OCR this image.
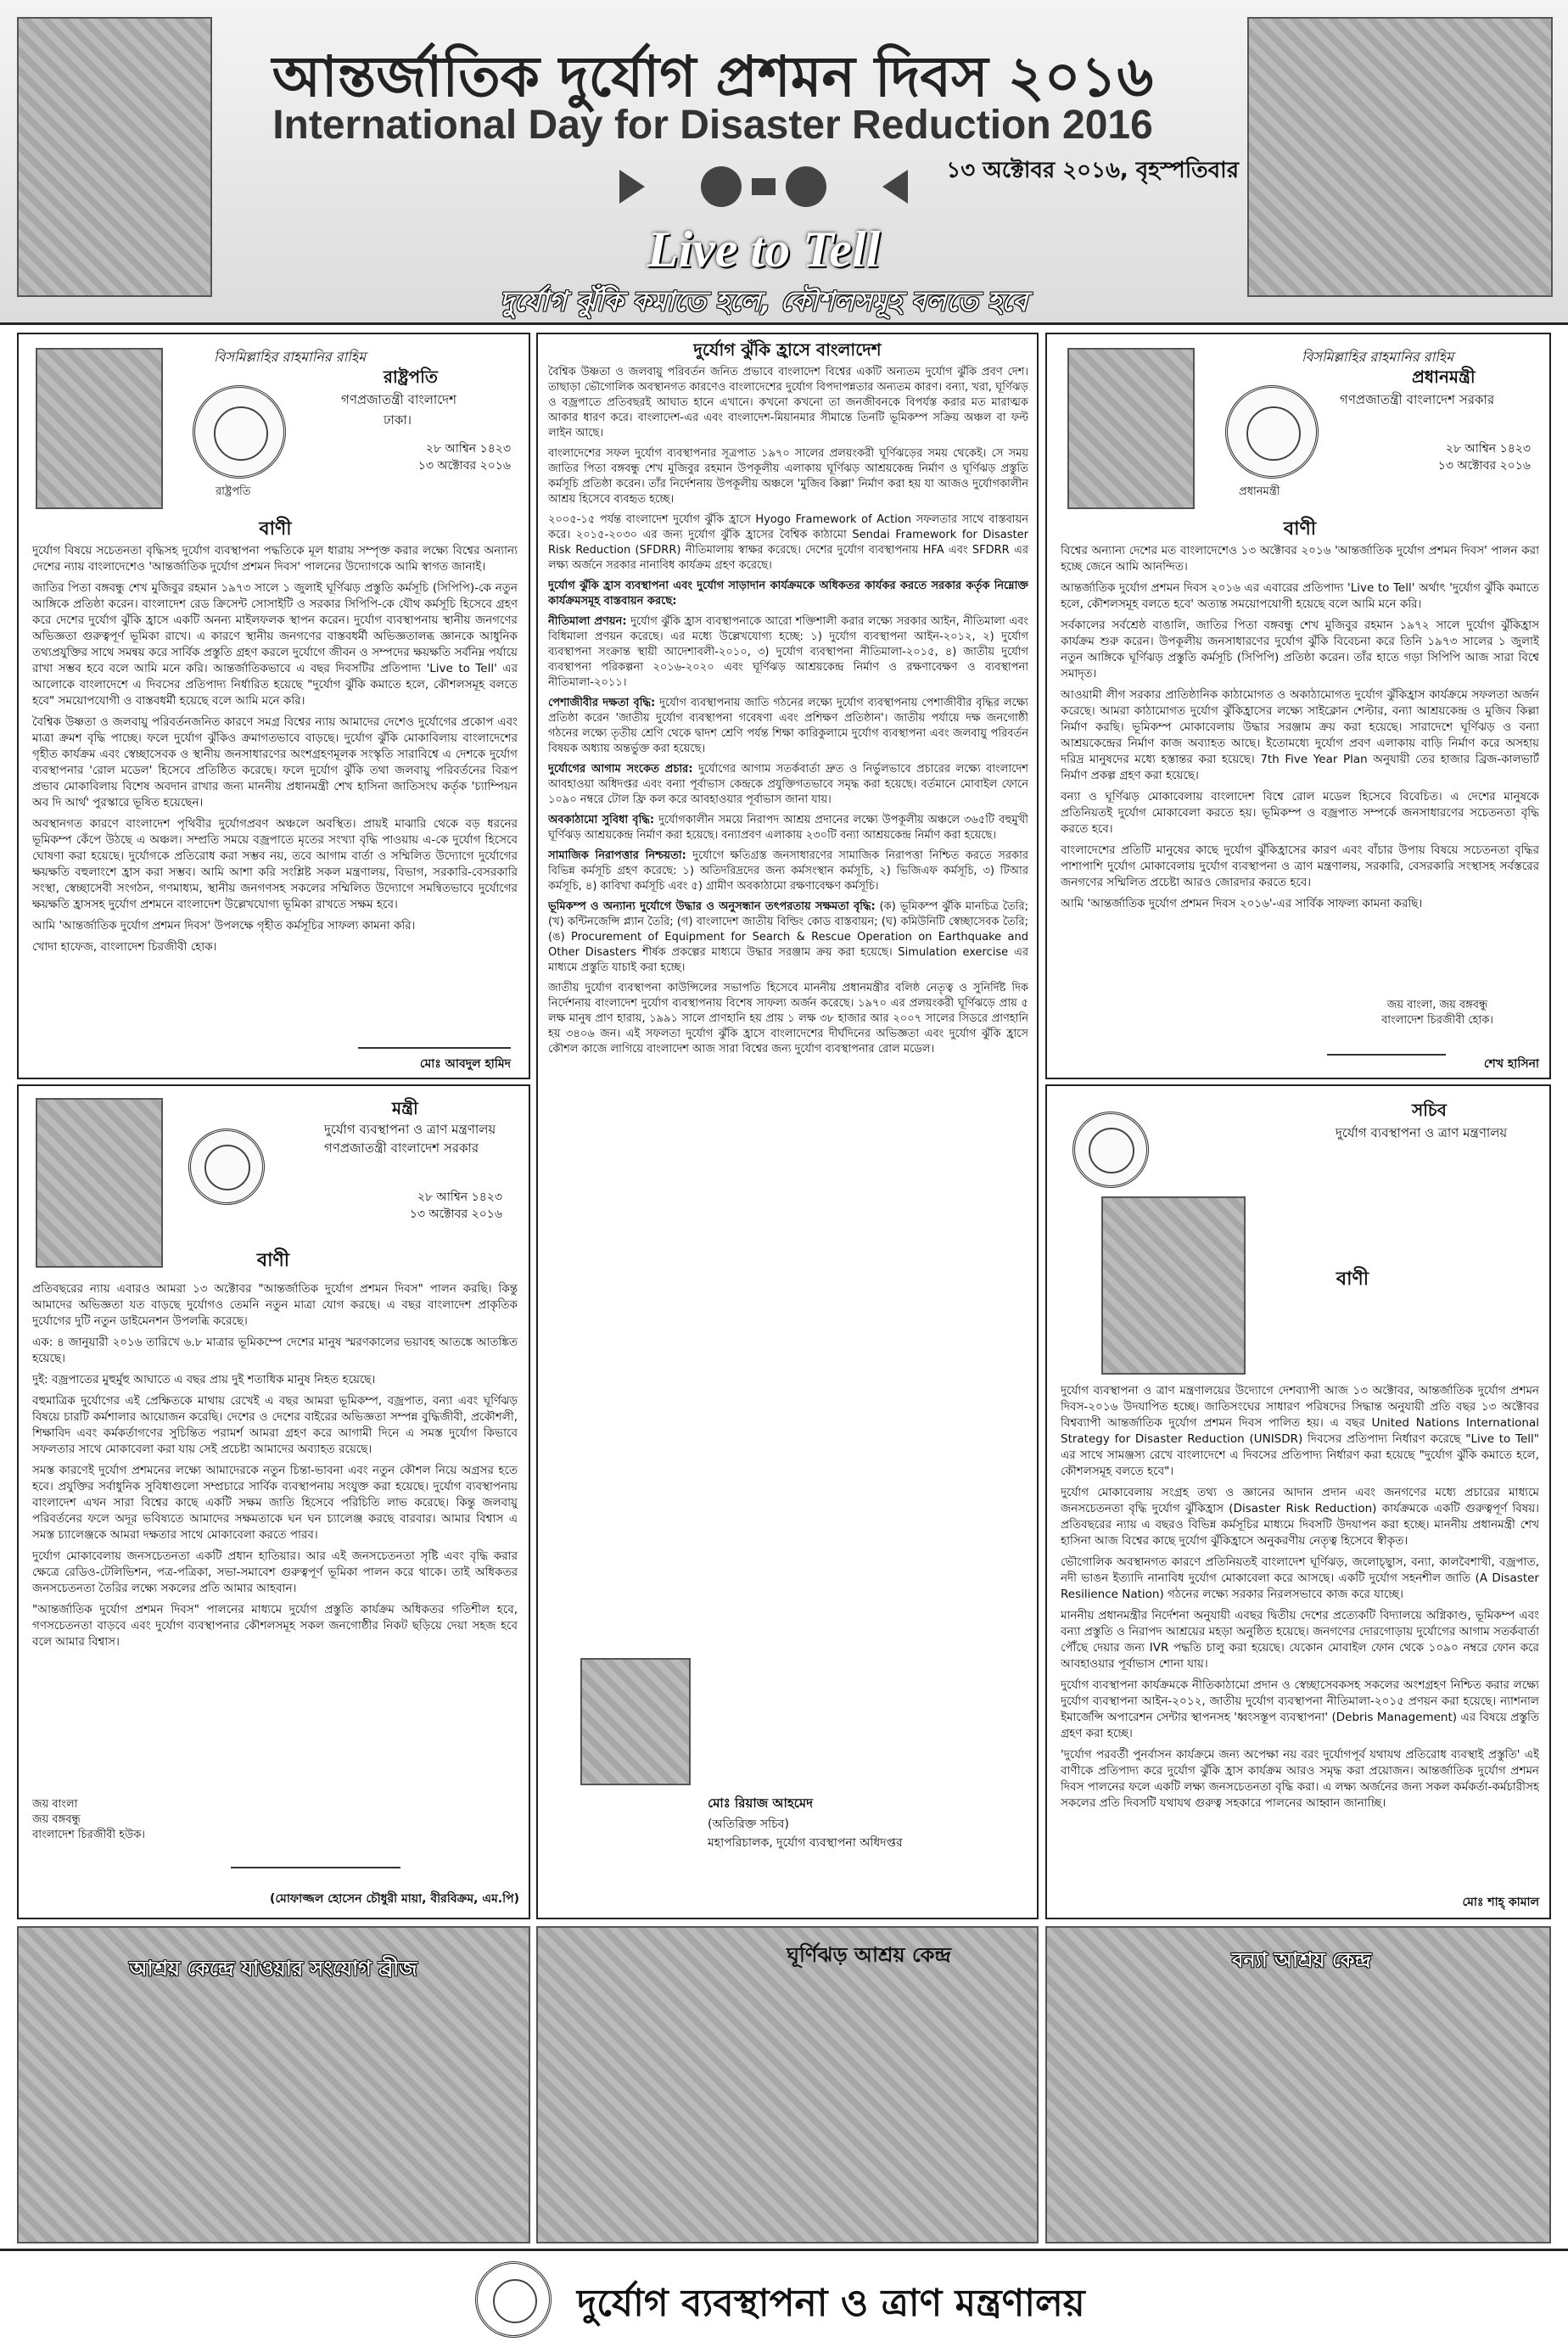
আন্তর্জাতিক দুর্যোগ প্রশমন দিবস ২০১৬
International Day for Disaster Reduction 2016
১৩ অক্টোবর ২০১৬, বৃহস্পতিবার
Live to Tell
দুর্যোগ ঝুঁকি কমাতে হলে, কৌশলসমূহ বলতে হবে
বিসমিল্লাহির রাহমানির রাহিম
রাষ্ট্রপতি
গণপ্রজাতন্ত্রী বাংলাদেশ
ঢাকা।
২৮ আশ্বিন ১৪২৩
১৩ অক্টোবর ২০১৬
রাষ্ট্রপতি
বাণী

দুর্যোগ বিষয়ে সচেতনতা বৃদ্ধিসহ দুর্যোগ ব্যবস্থাপনা পদ্ধতিকে মূল ধারায় সম্পৃক্ত করার লক্ষ্যে বিশ্বের অন্যান্য দেশের ন্যায় বাংলাদেশেও 'আন্তর্জাতিক দুর্যোগ প্রশমন দিবস' পালনের উদ্যোগকে আমি স্বাগত জানাই।

জাতির পিতা বঙ্গবন্ধু শেখ মুজিবুর রহমান ১৯৭৩ সালে ১ জুলাই ঘূর্ণিঝড় প্রস্তুতি কর্মসূচি (সিপিপি)-কে নতুন আঙ্গিকে প্রতিষ্ঠা করেন। বাংলাদেশ রেড ক্রিসেন্ট সোসাইটি ও সরকার সিপিপি-কে যৌথ কর্মসূচি হিসেবে গ্রহণ করে দেশের দুর্যোগ ঝুঁকি হ্রাসে একটি অনন্য মাইলফলক স্থাপন করেন। দুর্যোগ ব্যবস্থাপনায় স্থানীয় জনগণের অভিজ্ঞতা গুরুত্বপূর্ণ ভূমিকা রাখে। এ কারণে স্থানীয় জনগণের বাস্তবধর্মী অভিজ্ঞতালব্ধ জ্ঞানকে আধুনিক তথ্যপ্রযুক্তির সাথে সমন্বয় করে সার্বিক প্রস্তুতি গ্রহণ করলে দুর্যোগে জীবন ও সম্পদের ক্ষয়ক্ষতি সর্বনিম্ন পর্যায়ে রাখা সম্ভব হবে বলে আমি মনে করি। আন্তর্জাতিকভাবে এ বছর দিবসটির প্রতিপাদ্য 'Live to Tell' এর আলোকে বাংলাদেশে এ দিবসের প্রতিপাদ্য নির্ধারিত হয়েছে "দুর্যোগ ঝুঁকি কমাতে হলে, কৌশলসমূহ বলতে হবে" সময়োপযোগী ও বাস্তবধর্মী হয়েছে বলে আমি মনে করি।

বৈশ্বিক উষ্ণতা ও জলবায়ু পরিবর্তনজনিত কারণে সমগ্র বিশ্বের ন্যায় আমাদের দেশেও দুর্যোগের প্রকোপ এবং মাত্রা ক্রমশ বৃদ্ধি পাচ্ছে। ফলে দুর্যোগ ঝুঁকিও ক্রমাগতভাবে বাড়ছে। দুর্যোগ ঝুঁকি মোকাবিলায় বাংলাদেশের গৃহীত কার্যক্রম এবং স্বেচ্ছাসেবক ও স্থানীয় জনসাধারণের অংশগ্রহণমূলক সংস্কৃতি সারাবিশ্বে এ দেশকে দুর্যোগ ব্যবস্থাপনার 'রোল মডেল' হিসেবে প্রতিষ্ঠিত করেছে। ফলে দুর্যোগ ঝুঁকি তথা জলবায়ু পরিবর্তনের বিরূপ প্রভাব মোকাবিলায় বিশেষ অবদান রাখার জন্য মাননীয় প্রধানমন্ত্রী শেখ হাসিনা জাতিসংঘ কর্তৃক 'চ্যাম্পিয়ন অব দি আর্থ' পুরস্কারে ভূষিত হয়েছেন।

অবস্থানগত কারণে বাংলাদেশ পৃথিবীর দুর্যোগপ্রবণ অঞ্চলে অবস্থিত। প্রায়ই মাঝারি থেকে বড় ধরনের ভূমিকম্প কেঁপে উঠছে এ অঞ্চল। সম্প্রতি সময়ে বজ্রপাতে মৃতের সংখ্যা বৃদ্ধি পাওয়ায় এ-কে দুর্যোগ হিসেবে ঘোষণা করা হয়েছে। দুর্যোগকে প্রতিরোধ করা সম্ভব নয়, তবে আগাম বার্তা ও সম্মিলিত উদ্যোগে দুর্যোগের ক্ষয়ক্ষতি বহুলাংশে হ্রাস করা সম্ভব। আমি আশা করি সংশ্লিষ্ট সকল মন্ত্রণালয়, বিভাগ, সরকারি-বেসরকারি সংস্থা, স্বেচ্ছাসেবী সংগঠন, গণমাধ্যম, স্থানীয় জনগণসহ সকলের সম্মিলিত উদ্যোগে সমন্বিতভাবে দুর্যোগের ক্ষয়ক্ষতি হ্রাসসহ দুর্যোগ প্রশমনে বাংলাদেশ উল্লেখযোগ্য ভূমিকা রাখতে সক্ষম হবে।

আমি 'আন্তর্জাতিক দুর্যোগ প্রশমন দিবস' উপলক্ষে গৃহীত কর্মসূচির সাফল্য কামনা করি।

খোদা হাফেজ, বাংলাদেশ চিরজীবী হোক।

মোঃ আবদুল হামিদ
দুর্যোগ ঝুঁকি হ্রাসে বাংলাদেশ

বৈশ্বিক উষ্ণতা ও জলবায়ু পরিবর্তন জনিত প্রভাবে বাংলাদেশ বিশ্বের একটি অন্যতম দুর্যোগ ঝুঁকি প্রবণ দেশ। তাছাড়া ভৌগোলিক অবস্থানগত কারণেও বাংলাদেশের দুর্যোগ বিপদাপন্নতার অন্যতম কারণ। বন্যা, খরা, ঘূর্ণিঝড় ও বজ্রপাতে প্রতিবছরই আঘাত হানে এখানে। কখনো কখনো তা জনজীবনকে বিপর্যস্ত করার মত মারাত্মক আকার ধারণ করে। বাংলাদেশ-এর এবং বাংলাদেশ-মিয়ানমার সীমান্তে তিনটি ভূমিকম্প সক্রিয় অঞ্চল বা ফল্ট লাইন আছে।

বাংলাদেশের সফল দুর্যোগ ব্যবস্থাপনার সূত্রপাত ১৯৭০ সালের প্রলয়ংকরী ঘূর্ণিঝড়ের সময় থেকেই। সে সময় জাতির পিতা বঙ্গবন্ধু শেখ মুজিবুর রহমান উপকূলীয় এলাকায় ঘূর্ণিঝড় আশ্রয়কেন্দ্র নির্মাণ ও ঘূর্ণিঝড় প্রস্তুতি কর্মসূচি প্রতিষ্ঠা করেন। তাঁর নির্দেশনায় উপকূলীয় অঞ্চলে 'মুজিব কিল্লা' নির্মাণ করা হয় যা আজও দুর্যোগকালীন আশ্রয় হিসেবে ব্যবহৃত হচ্ছে।

২০০৫-১৫ পর্যন্ত বাংলাদেশ দুর্যোগ ঝুঁকি হ্রাসে Hyogo Framework of Action সফলতার সাথে বাস্তবায়ন করে। ২০১৫-২০৩০ এর জন্য দুর্যোগ ঝুঁকি হ্রাসের বৈশ্বিক কাঠামো Sendai Framework for Disaster Risk Reduction (SFDRR) নীতিমালায় স্বাক্ষর করেছে। দেশের দুর্যোগ ব্যবস্থাপনায় HFA এবং SFDRR এর লক্ষ্য অর্জনে সরকার নানাবিধ কার্যক্রম গ্রহণ করেছে।

দুর্যোগ ঝুঁকি হ্রাস ব্যবস্থাপনা এবং দুর্যোগ সাড়াদান কার্যক্রমকে অধিকতর কার্যকর করতে সরকার কর্তৃক নিম্নোক্ত কার্যক্রমসমূহ বাস্তবায়ন করছে:

নীতিমালা প্রণয়ন: দুর্যোগ ঝুঁকি হ্রাস ব্যবস্থাপনাকে আরো শক্তিশালী করার লক্ষ্যে সরকার আইন, নীতিমালা এবং বিধিমালা প্রণয়ন করেছে। এর মধ্যে উল্লেখযোগ্য হচ্ছে: ১) দুর্যোগ ব্যবস্থাপনা আইন-২০১২, ২) দুর্যোগ ব্যবস্থাপনা সংক্রান্ত স্থায়ী আদেশাবলী-২০১০, ৩) দুর্যোগ ব্যবস্থাপনা নীতিমালা-২০১৫, ৪) জাতীয় দুর্যোগ ব্যবস্থাপনা পরিকল্পনা ২০১৬-২০২০ এবং ঘূর্ণিঝড় আশ্রয়কেন্দ্র নির্মাণ ও রক্ষণাবেক্ষণ ও ব্যবস্থাপনা নীতিমালা-২০১১।

পেশাজীবীর দক্ষতা বৃদ্ধি: দুর্যোগ ব্যবস্থাপনায় জাতি গঠনের লক্ষ্যে দুর্যোগ ব্যবস্থাপনায় পেশাজীবীর বৃদ্ধির লক্ষ্যে প্রতিষ্ঠা করেন 'জাতীয় দুর্যোগ ব্যবস্থাপনা গবেষণা এবং প্রশিক্ষণ প্রতিষ্ঠান'। জাতীয় পর্যায়ে দক্ষ জনগোষ্ঠী গঠনের লক্ষ্যে তৃতীয় শ্রেণি থেকে দ্বাদশ শ্রেণি পর্যন্ত শিক্ষা কারিকুলামে দুর্যোগ ব্যবস্থাপনা এবং জলবায়ু পরিবর্তন বিষয়ক অধ্যায় অন্তর্ভুক্ত করা হয়েছে।

দুর্যোগের আগাম সংকেত প্রচার: দুর্যোগের আগাম সতর্কবার্তা দ্রুত ও নির্ভুলভাবে প্রচারের লক্ষ্যে বাংলাদেশ আবহাওয়া অধিদপ্তর এবং বন্যা পূর্বাভাস কেন্দ্রকে প্রযুক্তিগতভাবে সমৃদ্ধ করা হয়েছে। বর্তমানে মোবাইল ফোনে ১০৯০ নম্বরে টোল ফ্রি কল করে আবহাওয়ার পূর্বাভাস জানা যায়।

অবকাঠামো সুবিধা বৃদ্ধি: দুর্যোগকালীন সময়ে নিরাপদ আশ্রয় প্রদানের লক্ষ্যে উপকূলীয় অঞ্চলে ৩৬৫টি বহুমুখী ঘূর্ণিঝড় আশ্রয়কেন্দ্র নির্মাণ করা হয়েছে। বন্যাপ্রবণ এলাকায় ২৩০টি বন্যা আশ্রয়কেন্দ্র নির্মাণ করা হয়েছে।

সামাজিক নিরাপত্তার নিশ্চয়তা: দুর্যোগে ক্ষতিগ্রস্ত জনসাধারণের সামাজিক নিরাপত্তা নিশ্চিত করতে সরকার বিভিন্ন কর্মসূচি গ্রহণ করেছে: ১) অতিদরিদ্রদের জন্য কর্মসংস্থান কর্মসূচি, ২) ভিজিএফ কর্মসূচি, ৩) টিআর কর্মসূচি, ৪) কাবিখা কর্মসূচি এবং ৫) গ্রামীণ অবকাঠামো রক্ষণাবেক্ষণ কর্মসূচি।

ভূমিকম্প ও অন্যান্য দুর্যোগে উদ্ধার ও অনুসন্ধান তৎপরতায় সক্ষমতা বৃদ্ধি: (ক) ভূমিকম্প ঝুঁকি মানচিত্র তৈরি; (খ) কন্টিনজেন্সি প্ল্যান তৈরি; (গ) বাংলাদেশ জাতীয় বিল্ডিং কোড বাস্তবায়ন; (ঘ) কমিউনিটি স্বেচ্ছাসেবক তৈরি; (ঙ) Procurement of Equipment for Search & Rescue Operation on Earthquake and Other Disasters শীর্ষক প্রকল্পের মাধ্যমে উদ্ধার সরঞ্জাম ক্রয় করা হয়েছে। Simulation exercise এর মাধ্যমে প্রস্তুতি যাচাই করা হচ্ছে।

জাতীয় দুর্যোগ ব্যবস্থাপনা কাউন্সিলের সভাপতি হিসেবে মাননীয় প্রধানমন্ত্রীর বলিষ্ঠ নেতৃত্ব ও সুনির্দিষ্ট দিক নির্দেশনায় বাংলাদেশ দুর্যোগ ব্যবস্থাপনায় বিশেষ সাফল্য অর্জন করেছে। ১৯৭০ এর প্রলয়ংকরী ঘূর্ণিঝড়ে প্রায় ৫ লক্ষ মানুষ প্রাণ হারায়, ১৯৯১ সালে প্রাণহানি হয় প্রায় ১ লক্ষ ৩৮ হাজার আর ২০০৭ সালের সিডরে প্রাণহানি হয় ৩৪০৬ জন। এই সফলতা দুর্যোগ ঝুঁকি হ্রাসে বাংলাদেশের দীর্ঘদিনের অভিজ্ঞতা এবং দুর্যোগ ঝুঁকি হ্রাসে কৌশল কাজে লাগিয়ে বাংলাদেশ আজ সারা বিশ্বের জন্য দুর্যোগ ব্যবস্থাপনার রোল মডেল।

মোঃ রিয়াজ আহমেদ
(অতিরিক্ত সচিব)
মহাপরিচালক, দুর্যোগ ব্যবস্থাপনা অধিদপ্তর
বিসমিল্লাহির রাহমানির রাহিম
প্রধানমন্ত্রী
গণপ্রজাতন্ত্রী বাংলাদেশ সরকার
২৮ আশ্বিন ১৪২৩
১৩ অক্টোবর ২০১৬
প্রধানমন্ত্রী
বাণী

বিশ্বের অন্যান্য দেশের মত বাংলাদেশেও ১৩ অক্টোবর ২০১৬ 'আন্তর্জাতিক দুর্যোগ প্রশমন দিবস' পালন করা হচ্ছে জেনে আমি আনন্দিত।

আন্তর্জাতিক দুর্যোগ প্রশমন দিবস ২০১৬ এর এবারের প্রতিপাদ্য 'Live to Tell' অর্থাৎ 'দুর্যোগ ঝুঁকি কমাতে হলে, কৌশলসমূহ বলতে হবে' অত্যন্ত সময়োপযোগী হয়েছে বলে আমি মনে করি।

সর্বকালের সর্বশ্রেষ্ঠ বাঙালি, জাতির পিতা বঙ্গবন্ধু শেখ মুজিবুর রহমান ১৯৭২ সালে দুর্যোগ ঝুঁকিহ্রাস কার্যক্রম শুরু করেন। উপকূলীয় জনসাধারণের দুর্যোগ ঝুঁকি বিবেচনা করে তিনি ১৯৭৩ সালের ১ জুলাই নতুন আঙ্গিকে ঘূর্ণিঝড় প্রস্তুতি কর্মসূচি (সিপিপি) প্রতিষ্ঠা করেন। তাঁর হাতে গড়া সিপিপি আজ সারা বিশ্বে সমাদৃত।

আওয়ামী লীগ সরকার প্রাতিষ্ঠানিক কাঠামোগত ও অকাঠামোগত দুর্যোগ ঝুঁকিহ্রাস কার্যক্রমে সফলতা অর্জন করেছে। আমরা কাঠামোগত দুর্যোগ ঝুঁকিহ্রাসের লক্ষ্যে সাইক্লোন শেল্টার, বন্যা আশ্রয়কেন্দ্র ও মুজিব কিল্লা নির্মাণ করছি। ভূমিকম্প মোকাবেলায় উদ্ধার সরঞ্জাম ক্রয় করা হয়েছে। সারাদেশে ঘূর্ণিঝড় ও বন্যা আশ্রয়কেন্দ্রের নির্মাণ কাজ অব্যাহত আছে। ইতোমধ্যে দুর্যোগ প্রবণ এলাকায় বাড়ি নির্মাণ করে অসহায় দরিদ্র মানুষদের মধ্যে হস্তান্তর করা হয়েছে। 7th Five Year Plan অনুযায়ী তের হাজার ব্রিজ-কালভার্ট নির্মাণ প্রকল্প গ্রহণ করা হয়েছে।

বন্যা ও ঘূর্ণিঝড় মোকাবেলায় বাংলাদেশ বিশ্বে রোল মডেল হিসেবে বিবেচিত। এ দেশের মানুষকে প্রতিনিয়তই দুর্যোগ মোকাবেলা করতে হয়। ভূমিকম্প ও বজ্রপাত সম্পর্কে জনসাধারণের সচেতনতা বৃদ্ধি করতে হবে।

বাংলাদেশের প্রতিটি মানুষের কাছে দুর্যোগ ঝুঁকিহ্রাসের কারণ এবং বাঁচার উপায় বিষয়ে সচেতনতা বৃদ্ধির পাশাপাশি দুর্যোগ মোকাবেলায় দুর্যোগ ব্যবস্থাপনা ও ত্রাণ মন্ত্রণালয়, সরকারি, বেসরকারি সংস্থাসহ সর্বস্তরের জনগণের সম্মিলিত প্রচেষ্টা আরও জোরদার করতে হবে।

আমি 'আন্তর্জাতিক দুর্যোগ প্রশমন দিবস ২০১৬'-এর সার্বিক সাফল্য কামনা করছি।

জয় বাংলা, জয় বঙ্গবন্ধু
বাংলাদেশ চিরজীবী হোক।
শেখ হাসিনা
মন্ত্রী
দুর্যোগ ব্যবস্থাপনা ও ত্রাণ মন্ত্রণালয়
গণপ্রজাতন্ত্রী বাংলাদেশ সরকার
২৮ আশ্বিন ১৪২৩
১৩ অক্টোবর ২০১৬
বাণী

প্রতিবছরের ন্যায় এবারও আমরা ১৩ অক্টোবর "আন্তর্জাতিক দুর্যোগ প্রশমন দিবস" পালন করছি। কিন্তু আমাদের অভিজ্ঞতা যত বাড়ছে দুর্যোগও তেমনি নতুন মাত্রা যোগ করছে। এ বছর বাংলাদেশ প্রাকৃতিক দুর্যোগের দুটি নতুন ডাইমেনশন উপলব্ধি করেছে।

এক: ৪ জানুয়ারী ২০১৬ তারিখে ৬.৮ মাত্রার ভূমিকম্পে দেশের মানুষ স্মরণকালের ভয়াবহ আতঙ্কে আতঙ্কিত হয়েছে।

দুই: বজ্রপাতের মুহুর্মুহু আঘাতে এ বছর প্রায় দুই শতাধিক মানুষ নিহত হয়েছে।

বহুমাত্রিক দুর্যোগের এই প্রেক্ষিতকে মাথায় রেখেই এ বছর আমরা ভূমিকম্প, বজ্রপাত, বন্যা এবং ঘূর্ণিঝড় বিষয়ে চারটি কর্মশালার আয়োজন করেছি। দেশের ও দেশের বাইরের অভিজ্ঞতা সম্পন্ন বুদ্ধিজীবী, প্রকৌশলী, শিক্ষাবিদ এবং কর্মকর্তাগণের সুচিন্তিত পরামর্শ আমরা গ্রহণ করে আগামী দিনে এ সমস্ত দুর্যোগ কিভাবে সফলতার সাথে মোকাবেলা করা যায় সেই প্রচেষ্টা আমাদের অব্যাহত রয়েছে।

সমস্ত কারণেই দুর্যোগ প্রশমনের লক্ষ্যে আমাদেরকে নতুন চিন্তা-ভাবনা এবং নতুন কৌশল নিয়ে অগ্রসর হতে হবে। প্রযুক্তির সর্বাধুনিক সুবিধাগুলো সম্প্রচারে সার্বিক ব্যবস্থাপনায় সংযুক্ত করা হয়েছে। দুর্যোগ ব্যবস্থাপনায় বাংলাদেশ এখন সারা বিশ্বের কাছে একটি সক্ষম জাতি হিসেবে পরিচিতি লাভ করেছে। কিন্তু জলবায়ু পরিবর্তনের ফলে অদূর ভবিষ্যতে আমাদের সক্ষমতাকে ঘন ঘন চ্যালেঞ্জ করছে বারবার। আমার বিশ্বাস এ সমস্ত চ্যালেঞ্জকে আমরা দক্ষতার সাথে মোকাবেলা করতে পারব।

দুর্যোগ মোকাবেলায় জনসচেতনতা একটি প্রধান হাতিয়ার। আর এই জনসচেতনতা সৃষ্টি এবং বৃদ্ধি করার ক্ষেত্রে রেডিও-টেলিভিশন, পত্র-পত্রিকা, সভা-সমাবেশ গুরুত্বপূর্ণ ভূমিকা পালন করে থাকে। তাই অধিকতর জনসচেতনতা তৈরির লক্ষ্যে সকলের প্রতি আমার আহবান।

"আন্তর্জাতিক দুর্যোগ প্রশমন দিবস" পালনের মাধ্যমে দুর্যোগ প্রস্তুতি কার্যক্রম অধিকতর গতিশীল হবে, গণসচেতনতা বাড়বে এবং দুর্যোগ ব্যবস্থাপনার কৌশলসমূহ সকল জনগোষ্ঠীর নিকট ছড়িয়ে দেয়া সহজ হবে বলে আমার বিশ্বাস।

জয় বাংলা
জয় বঙ্গবন্ধু
বাংলাদেশ চিরজীবী হউক।
(মোফাজ্জল হোসেন চৌধুরী মায়া, বীরবিক্রম, এম.পি)
সচিব
দুর্যোগ ব্যবস্থাপনা ও ত্রাণ মন্ত্রণালয়
বাণী

দুর্যোগ ব্যবস্থাপনা ও ত্রাণ মন্ত্রণালয়ের উদ্যোগে দেশব্যাপী আজ ১৩ অক্টোবর, আন্তর্জাতিক দুর্যোগ প্রশমন দিবস-২০১৬ উদযাপিত হচ্ছে। জাতিসংঘের সাধারণ পরিষদের সিদ্ধান্ত অনুযায়ী প্রতি বছর ১৩ অক্টোবর বিশ্বব্যাপী আন্তর্জাতিক দুর্যোগ প্রশমন দিবস পালিত হয়। এ বছর United Nations International Strategy for Disaster Reduction (UNISDR) দিবসের প্রতিপাদ্য নির্ধারণ করেছে "Live to Tell" এর সাথে সামঞ্জস্য রেখে বাংলাদেশে এ দিবসের প্রতিপাদ্য নির্ধারণ করা হয়েছে "দুর্যোগ ঝুঁকি কমাতে হলে, কৌশলসমূহ বলতে হবে"।

দুর্যোগ মোকাবেলায় সংগ্রহ তথ্য ও জ্ঞানের আদান প্রদান এবং জনগণের মধ্যে প্রচারের মাধ্যমে জনসচেতনতা বৃদ্ধি দুর্যোগ ঝুঁকিহ্রাস (Disaster Risk Reduction) কার্যক্রমকে একটি গুরুত্বপূর্ণ বিষয়। প্রতিবছরের ন্যায় এ বছরও বিভিন্ন কর্মসূচির মাধ্যমে দিবসটি উদযাপন করা হচ্ছে। মাননীয় প্রধানমন্ত্রী শেখ হাসিনা আজ বিশ্বের কাছে দুর্যোগ ঝুঁকিহ্রাসে অনুকরণীয় নেতৃত্ব হিসেবে স্বীকৃত।

ভৌগোলিক অবস্থানগত কারণে প্রতিনিয়তই বাংলাদেশ ঘূর্ণিঝড়, জলোচ্ছ্বাস, বন্যা, কালবৈশাখী, বজ্রপাত, নদী ভাঙন ইত্যাদি নানাবিধ দুর্যোগ মোকাবেলা করে আসছে। একটি দুর্যোগ সহনশীল জাতি (A Disaster Resilience Nation) গঠনের লক্ষ্যে সরকার নিরলসভাবে কাজ করে যাচ্ছে।

মাননীয় প্রধানমন্ত্রীর নির্দেশনা অনুযায়ী এবছর দ্বিতীয় দেশের প্রত্যেকটি বিদ্যালয়ে অগ্নিকাণ্ড, ভূমিকম্প এবং বন্যা প্রস্তুতি ও নিরাপদ আশ্রয়ের মহড়া অনুষ্ঠিত হয়েছে। জনগণের দোরগোড়ায় দুর্যোগের আগাম সতর্কবার্তা পৌঁছে দেয়ার জন্য IVR পদ্ধতি চালু করা হয়েছে। যেকোন মোবাইল ফোন থেকে ১০৯০ নম্বরে ফোন করে আবহাওয়ার পূর্বাভাস শোনা যায়।

দুর্যোগ ব্যবস্থাপনা কার্যক্রমকে নীতিকাঠামো প্রদান ও স্বেচ্ছাসেবকসহ সকলের অংশগ্রহণ নিশ্চিত করার লক্ষ্যে দুর্যোগ ব্যবস্থাপনা আইন-২০১২, জাতীয় দুর্যোগ ব্যবস্থাপনা নীতিমালা-২০১৫ প্রণয়ন করা হয়েছে। ন্যাশনাল ইমার্জেন্সি অপারেশন সেন্টার স্থাপনসহ 'ধ্বংসস্তূপ ব্যবস্থাপনা' (Debris Management) এর বিষয়ে প্রস্তুতি গ্রহণ করা হচ্ছে।

'দুর্যোগ পরবর্তী পুনর্বাসন কার্যক্রমে জন্য অপেক্ষা নয় বরং দুর্যোগপূর্ব যথাযথ প্রতিরোধ ব্যবস্থাই প্রস্তুতি' এই বাণীকে প্রতিপাদ্য করে দুর্যোগ ঝুঁকি হ্রাস কার্যক্রম আরও সমৃদ্ধ করা প্রয়োজন। আন্তর্জাতিক দুর্যোগ প্রশমন দিবস পালনের ফলে একটি লক্ষ্য জনসচেতনতা বৃদ্ধি করা। এ লক্ষ্য অর্জনের জন্য সকল কর্মকর্তা-কর্মচারীসহ সকলের প্রতি দিবসটি যথাযথ গুরুত্ব সহকারে পালনের আহ্বান জানাচ্ছি।

মোঃ শাহ্ কামাল
আশ্রয় কেন্দ্রে যাওয়ার সংযোগ ব্রীজ
ঘূর্ণিঝড় আশ্রয় কেন্দ্র	বন্যা আশ্রয় কেন্দ্র
দুর্যোগ ব্যবস্থাপনা ও ত্রাণ মন্ত্রণালয়
